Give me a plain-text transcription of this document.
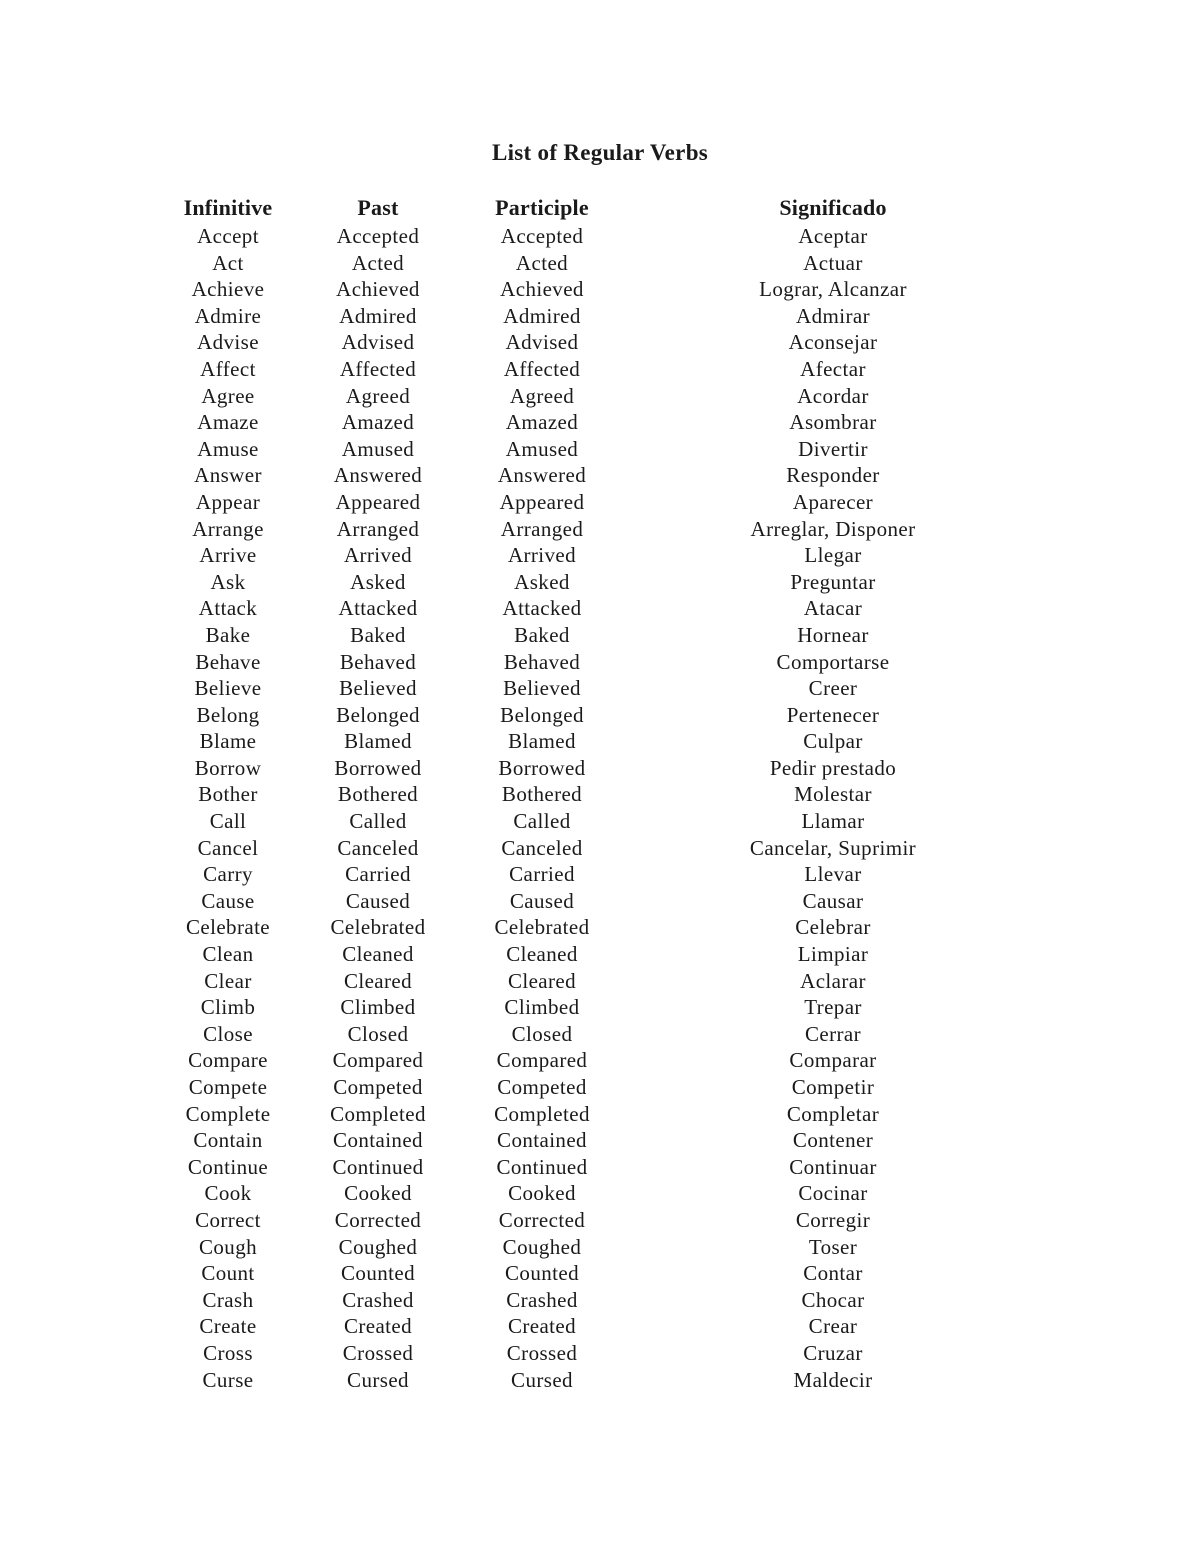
List of Regular Verbs
Infinitive	Past	Participle	Significado
Accept	Accepted	Accepted	Aceptar
Act	Acted	Acted	Actuar
Achieve	Achieved	Achieved	Lograr, Alcanzar
Admire	Admired	Admired	Admirar
Advise	Advised	Advised	Aconsejar
Affect	Affected	Affected	Afectar
Agree	Agreed	Agreed	Acordar
Amaze	Amazed	Amazed	Asombrar
Amuse	Amused	Amused	Divertir
Answer	Answered	Answered	Responder
Appear	Appeared	Appeared	Aparecer
Arrange	Arranged	Arranged	Arreglar, Disponer
Arrive	Arrived	Arrived	Llegar
Ask	Asked	Asked	Preguntar
Attack	Attacked	Attacked	Atacar
Bake	Baked	Baked	Hornear
Behave	Behaved	Behaved	Comportarse
Believe	Believed	Believed	Creer
Belong	Belonged	Belonged	Pertenecer
Blame	Blamed	Blamed	Culpar
Borrow	Borrowed	Borrowed	Pedir prestado
Bother	Bothered	Bothered	Molestar
Call	Called	Called	Llamar
Cancel	Canceled	Canceled	Cancelar, Suprimir
Carry	Carried	Carried	Llevar
Cause	Caused	Caused	Causar
Celebrate	Celebrated	Celebrated	Celebrar
Clean	Cleaned	Cleaned	Limpiar
Clear	Cleared	Cleared	Aclarar
Climb	Climbed	Climbed	Trepar
Close	Closed	Closed	Cerrar
Compare	Compared	Compared	Comparar
Compete	Competed	Competed	Competir
Complete	Completed	Completed	Completar
Contain	Contained	Contained	Contener
Continue	Continued	Continued	Continuar
Cook	Cooked	Cooked	Cocinar
Correct	Corrected	Corrected	Corregir
Cough	Coughed	Coughed	Toser
Count	Counted	Counted	Contar
Crash	Crashed	Crashed	Chocar
Create	Created	Created	Crear
Cross	Crossed	Crossed	Cruzar
Curse	Cursed	Cursed	Maldecir
